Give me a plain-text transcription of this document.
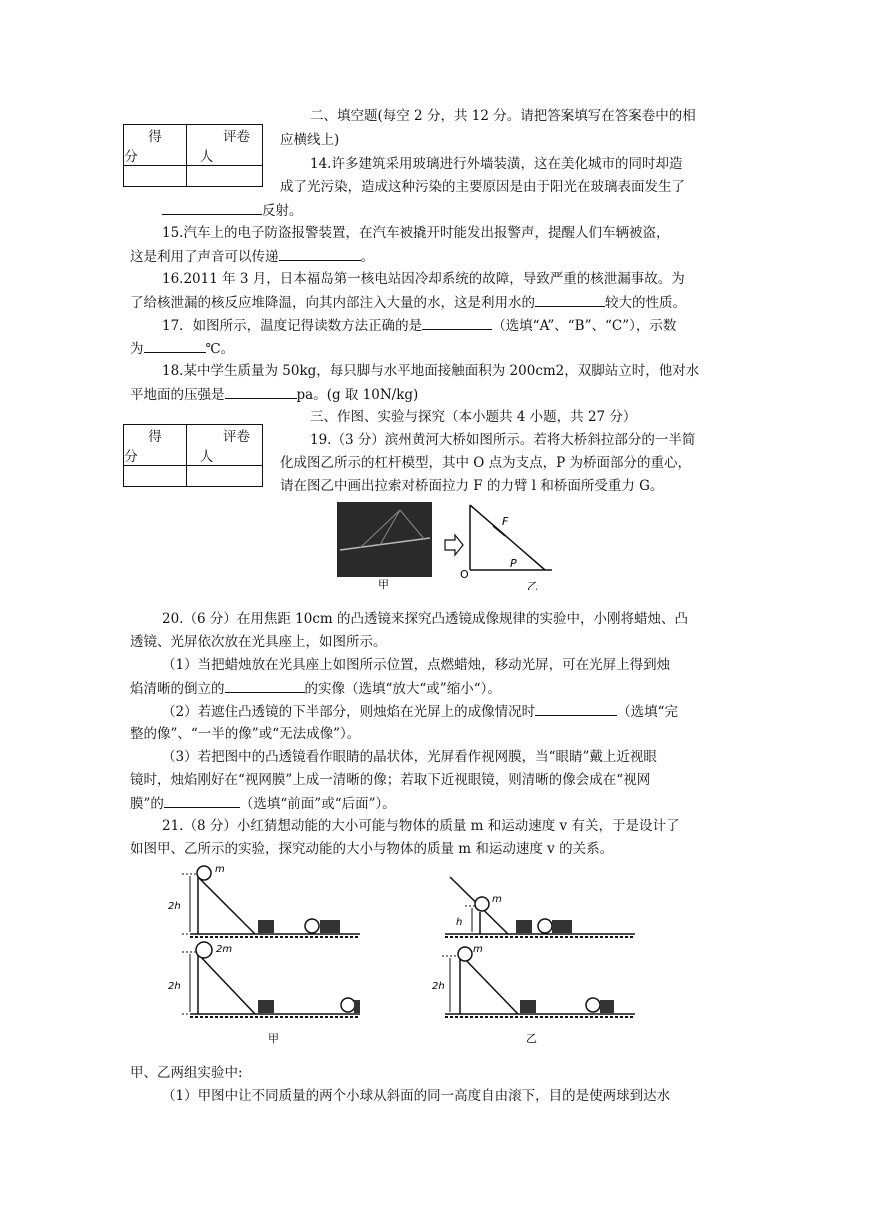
得
分	评卷
人

二、填空题(每空 2 分，共 12 分。请把答案填写在答案卷中的相
应横线上)
14.许多建筑采用玻璃进行外墙装潢，这在美化城市的同时却造
成了光污染，造成这种污染的主要原因是由于阳光在玻璃表面发生了
反射。
15.汽车上的电子防盗报警装置，在汽车被撬开时能发出报警声，提醒人们车辆被盗，
这是利用了声音可以传递	。
16.2011 年 3 月，日本福岛第一核电站因冷却系统的故障，导致严重的核泄漏事故。为
了给核泄漏的核反应堆降温，向其内部注入大量的水，这是利用水的	较大的性质。
17．如图所示，温度记得读数方法正确的是	（选填“A”、“B”、“C”），示数
为	℃。
18.某中学生质量为 50kg，每只脚与水平地面接触面积为 200cm2，双脚站立时，他对水
平地面的压强是	pa。(g 取 10N/kg)
得
分	评卷
人

三、作图、实验与探究（本小题共 4 小题，共 27 分）
19.（3 分）滨州黄河大桥如图所示。若将大桥斜拉部分的一半简
化成图乙所示的杠杆模型，其中 O 点为支点，P 为桥面部分的重心，
请在图乙中画出拉索对桥面拉力 F 的力臂 l 和桥面所受重力 G。
甲
F
P
O
乙
20.（6 分）在用焦距 10cm 的凸透镜来探究凸透镜成像规律的实验中，小刚将蜡烛、凸
透镜、光屏依次放在光具座上，如图所示。
（1）当把蜡烛放在光具座上如图所示位置，点燃蜡烛，移动光屏，可在光屏上得到烛
焰清晰的倒立的	的实像（选填“放大“或”缩小“）。
（2）若遮住凸透镜的下半部分，则烛焰在光屏上的成像情况时	（选填“完
整的像”、“一半的像”或“无法成像”）。
（3）若把图中的凸透镜看作眼睛的晶状体，光屏看作视网膜，当“眼睛”戴上近视眼
镜时，烛焰刚好在“视网膜”上成一清晰的像；若取下近视眼镜，则清晰的像会成在“视网
膜”的	（选填“前面”或“后面”）。
21.（8 分）小红猜想动能的大小可能与物体的质量 m 和运动速度 v 有关，于是设计了
如图甲、乙所示的实验，探究动能的大小与物体的质量 m 和运动速度 v 的关系。
m
2h
2m
2h
甲
m
h
m
2h
乙
甲、乙两组实验中:
（1）甲图中让不同质量的两个小球从斜面的同一高度自由滚下，目的是使两球到达水
